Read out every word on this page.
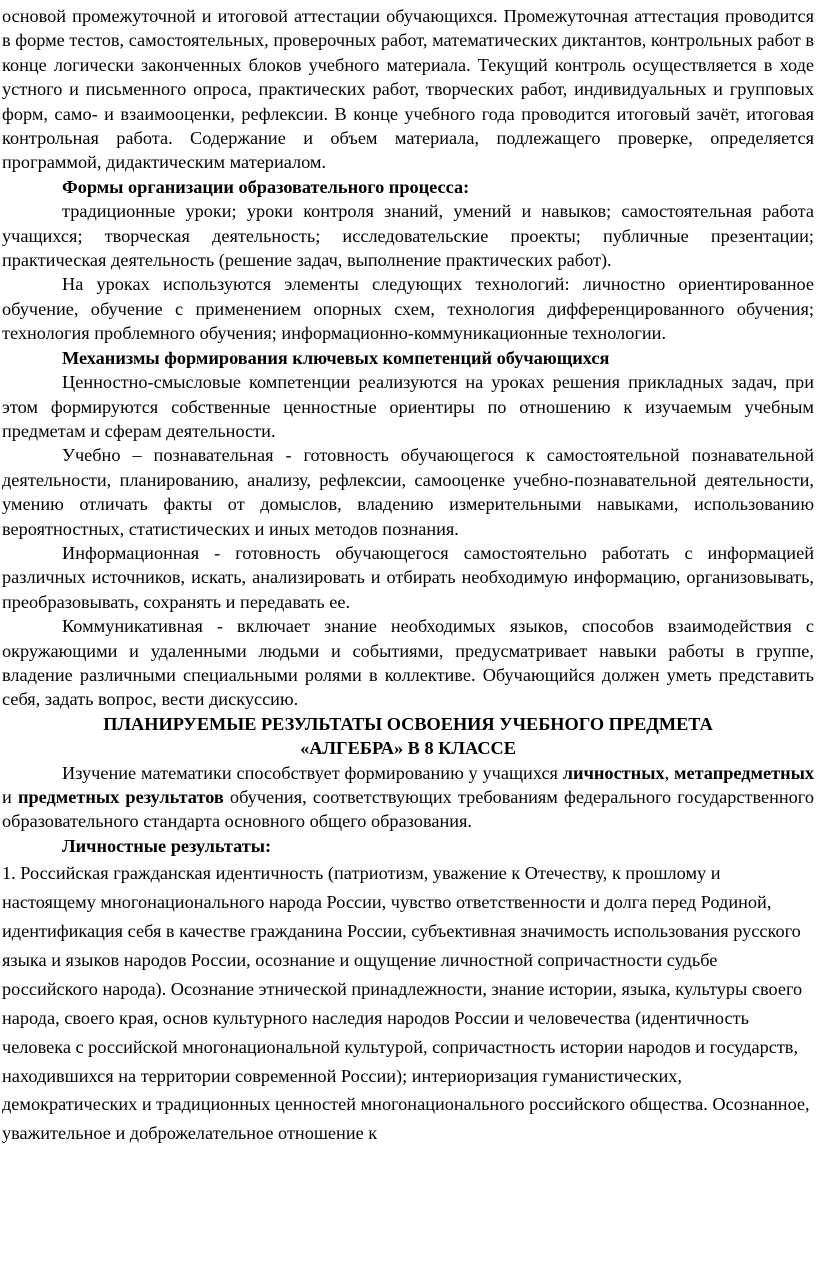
основой промежуточной и итоговой аттестации обучающихся. Промежуточная аттестация проводится в форме тестов, самостоятельных, проверочных работ, математических диктантов, контрольных работ в конце логически законченных блоков учебного материала. Текущий контроль осуществляется в ходе устного и письменного опроса, практических работ, творческих работ, индивидуальных и групповых форм, само- и взаимооценки, рефлексии. В конце учебного года проводится итоговый зачёт, итоговая контрольная работа. Содержание и объем материала, подлежащего проверке, определяется программой, дидактическим материалом.

Формы организации образовательного процесса:

традиционные уроки; уроки контроля знаний, умений и навыков; самостоятельная работа учащихся; творческая деятельность; исследовательские проекты; публичные презентации; практическая деятельность (решение задач, выполнение практических работ).

На уроках используются элементы следующих технологий: личностно ориентированное обучение, обучение с применением опорных схем, технология дифференцированного обучения; технология проблемного обучения; информационно-коммуникационные технологии.

Механизмы формирования ключевых компетенций обучающихся

Ценностно-смысловые компетенции реализуются на уроках решения прикладных задач, при этом формируются собственные ценностные ориентиры по отношению к изучаемым учебным предметам и сферам деятельности.

Учебно – познавательная - готовность обучающегося к самостоятельной познавательной деятельности, планированию, анализу, рефлексии, самооценке учебно-познавательной деятельности, умению отличать факты от домыслов, владению измерительными навыками, использованию вероятностных, статистических и иных методов познания.

Информационная - готовность обучающегося самостоятельно работать с информацией различных источников, искать, анализировать и отбирать необходимую информацию, организовывать, преобразовывать, сохранять и передавать ее.

Коммуникативная - включает знание необходимых языков, способов взаимодействия с окружающими и удаленными людьми и событиями, предусматривает навыки работы в группе, владение различными специальными ролями в коллективе. Обучающийся должен уметь представить себя, задать вопрос, вести дискуссию.

ПЛАНИРУЕМЫЕ РЕЗУЛЬТАТЫ ОСВОЕНИЯ УЧЕБНОГО ПРЕДМЕТА

«АЛГЕБРА» В 8 КЛАССЕ

Изучение математики способствует формированию у учащихся личностных, метапредметных и предметных результатов обучения, соответствующих требованиям федерального государственного образовательного стандарта основного общего образования.

Личностные результаты:

1. Российская гражданская идентичность (патриотизм, уважение к Отечеству, к прошлому и настоящему многонационального народа России, чувство ответственности и долга перед Родиной, идентификация себя в качестве гражданина России, субъективная значимость использования русского языка и языков народов России, осознание и ощущение личностной сопричастности судьбе российского народа). Осознание этнической принадлежности, знание истории, языка, культуры своего народа, своего края, основ культурного наследия народов России и человечества (идентичность человека с российской многонациональной культурой, сопричастность истории народов и государств, находившихся на территории современной России); интериоризация гуманистических, демократических и традиционных ценностей многонационального российского общества. Осознанное, уважительное и доброжелательное отношение к
